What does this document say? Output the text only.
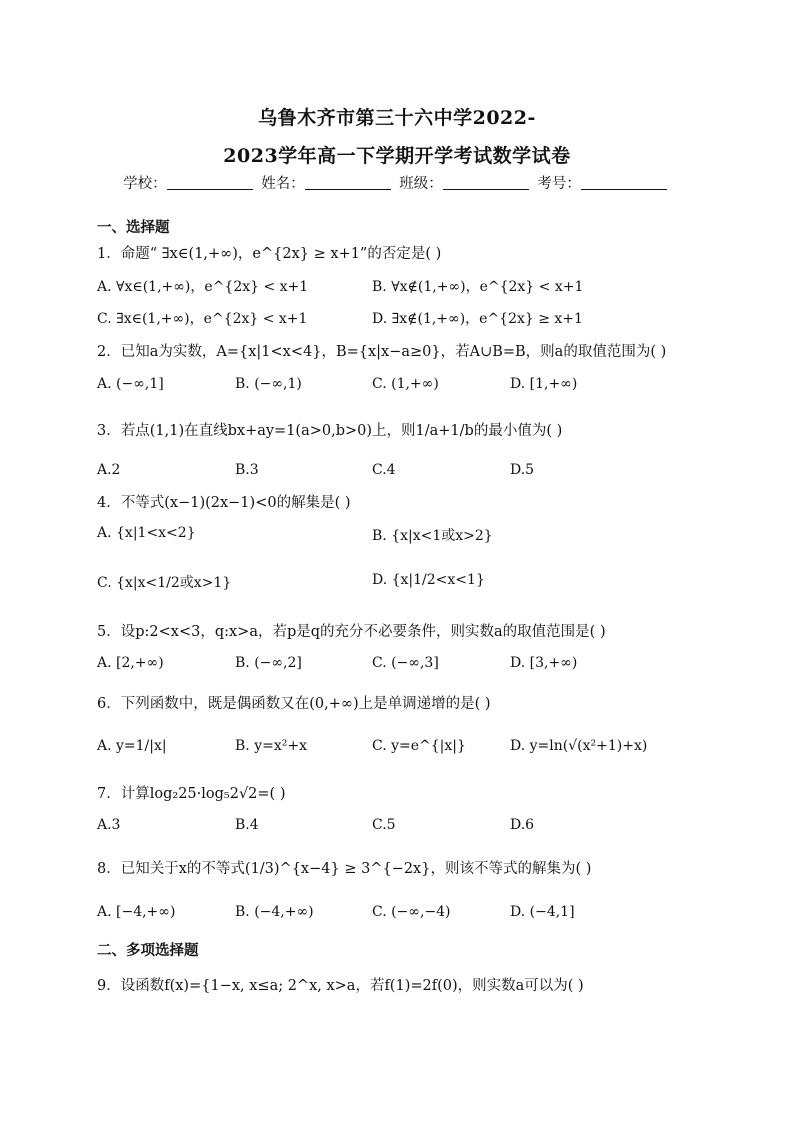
乌鲁木齐市第三十六中学2022-
2023学年高一下学期开学考试数学试卷
学校：	姓名：	班级：	考号：
一、选择题
1．命题“ ∃x∈(1,+∞)，e^{2x} ≥ x+1”的否定是( )
A. ∀x∈(1,+∞)，e^{2x} < x+1	B. ∀x∉(1,+∞)，e^{2x} < x+1
C. ∃x∈(1,+∞)，e^{2x} < x+1	D. ∃x∉(1,+∞)，e^{2x} ≥ x+1
2．已知a为实数，A={x|1<x<4}，B={x|x−a≥0}，若A∪B=B，则a的取值范围为( )
A. (−∞,1]	B. (−∞,1)	C. (1,+∞)	D. [1,+∞)
3．若点(1,1)在直线bx+ay=1(a>0,b>0)上，则1/a+1/b的最小值为( )
A.2	B.3	C.4	D.5
4．不等式(x−1)(2x−1)<0的解集是( )
A. {x|1<x<2}	B. {x|x<1或x>2}
C. {x|x<1/2或x>1}	D. {x|1/2<x<1}
5．设p:2<x<3，q:x>a，若p是q的充分不必要条件，则实数a的取值范围是( )
A. [2,+∞)	B. (−∞,2]	C. (−∞,3]	D. [3,+∞)
6．下列函数中，既是偶函数又在(0,+∞)上是单调递增的是( )
A. y=1/|x|	B. y=x²+x	C. y=e^{|x|}	D. y=ln(√(x²+1)+x)
7．计算log₂25·log₅2√2=( )
A.3	B.4	C.5	D.6
8．已知关于x的不等式(1/3)^{x−4} ≥ 3^{−2x}，则该不等式的解集为( )
A. [−4,+∞)	B. (−4,+∞)	C. (−∞,−4)	D. (−4,1]
二、多项选择题
9．设函数f(x)={1−x, x≤a; 2^x, x>a，若f(1)=2f(0)，则实数a可以为( )
